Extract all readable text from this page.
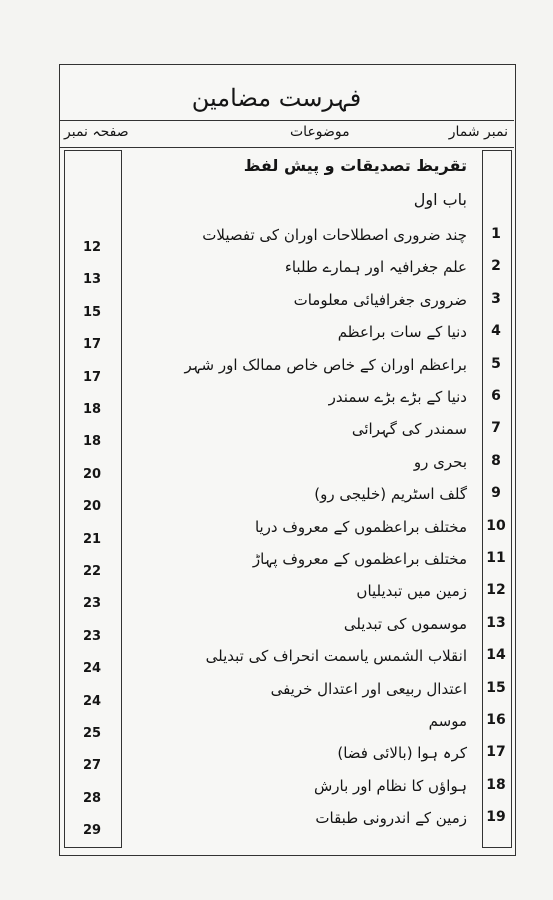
فہرست مضامین
نمبر شمار
موضوعات
صفحہ نمبر
تقریظ تصدیقات و پیش لفظ
باب اول
1
چند ضروری اصطلاحات اوران کی تفصیلات
12
2
علم جغرافیہ اور ہمارے طلباء
13
3
ضروری جغرافیائی معلومات
15
4
دنیا کے سات براعظم
17
5
براعظم اوران کے خاص خاص ممالک اور شہر
17
6
دنیا کے بڑے بڑے سمندر
18
7
سمندر کی گہرائی
18
8
بحری رو
20
9
گلف اسٹریم (خلیجی رو)
20
10
مختلف براعظموں کے معروف دریا
21
11
مختلف براعظموں کے معروف پہاڑ
22
12
زمین میں تبدیلیاں
23
13
موسموں کی تبدیلی
23
14
انقلاب الشمس یاسمت انحراف کی تبدیلی
24
15
اعتدال ربیعی اور اعتدال خریفی
24
16
موسم
25
17
کرہ ہوا (بالائی فضا)
27
18
ہواؤں کا نظام اور بارش
28
19
زمین کے اندرونی طبقات
29
